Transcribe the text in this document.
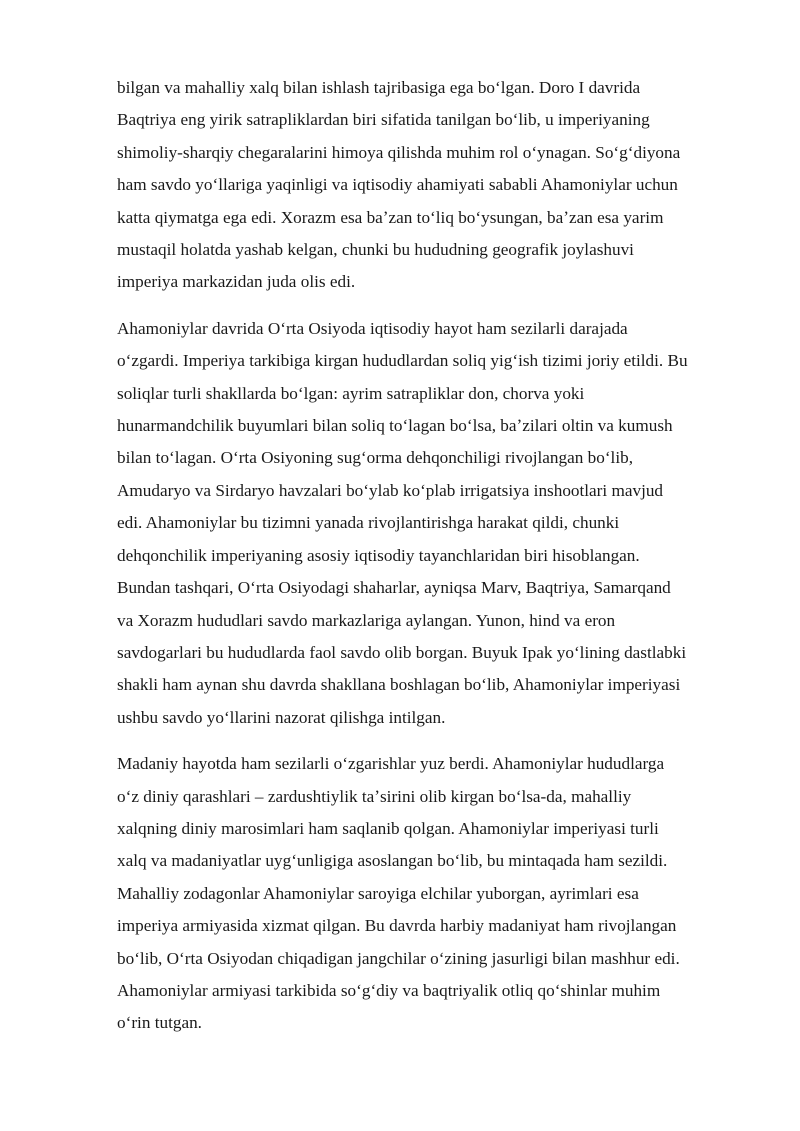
bilgan va mahalliy xalq bilan ishlash tajribasiga ega boʻlgan. Doro I davrida
Baqtriya eng yirik satrapliklardan biri sifatida tanilgan boʻlib, u imperiyaning
shimoliy-sharqiy chegaralarini himoya qilishda muhim rol oʻynagan. Soʻgʻdiyona
ham savdo yoʻllariga yaqinligi va iqtisodiy ahamiyati sababli Ahamoniylar uchun
katta qiymatga ega edi. Xorazm esa baʼzan toʻliq boʻysungan, baʼzan esa yarim
mustaqil holatda yashab kelgan, chunki bu hududning geografik joylashuvi
imperiya markazidan juda olis edi.

Ahamoniylar davrida Oʻrta Osiyoda iqtisodiy hayot ham sezilarli darajada
oʻzgardi. Imperiya tarkibiga kirgan hududlardan soliq yigʻish tizimi joriy etildi. Bu
soliqlar turli shakllarda boʻlgan: ayrim satrapliklar don, chorva yoki
hunarmandchilik buyumlari bilan soliq toʻlagan boʻlsa, baʼzilari oltin va kumush
bilan toʻlagan. Oʻrta Osiyoning sugʻorma dehqonchiligi rivojlangan boʻlib,
Amudaryo va Sirdaryo havzalari boʻylab koʻplab irrigatsiya inshootlari mavjud
edi. Ahamoniylar bu tizimni yanada rivojlantirishga harakat qildi, chunki
dehqonchilik imperiyaning asosiy iqtisodiy tayanchlaridan biri hisoblangan.
Bundan tashqari, Oʻrta Osiyodagi shaharlar, ayniqsa Marv, Baqtriya, Samarqand
va Xorazm hududlari savdo markazlariga aylangan. Yunon, hind va eron
savdogarlari bu hududlarda faol savdo olib borgan. Buyuk Ipak yoʻlining dastlabki
shakli ham aynan shu davrda shakllana boshlagan boʻlib, Ahamoniylar imperiyasi
ushbu savdo yoʻllarini nazorat qilishga intilgan.

Madaniy hayotda ham sezilarli oʻzgarishlar yuz berdi. Ahamoniylar hududlarga
oʻz diniy qarashlari – zardushtiylik taʼsirini olib kirgan boʻlsa-da, mahalliy
xalqning diniy marosimlari ham saqlanib qolgan. Ahamoniylar imperiyasi turli
xalq va madaniyatlar uygʻunligiga asoslangan boʻlib, bu mintaqada ham sezildi.
Mahalliy zodagonlar Ahamoniylar saroyiga elchilar yuborgan, ayrimlari esa
imperiya armiyasida xizmat qilgan. Bu davrda harbiy madaniyat ham rivojlangan
boʻlib, Oʻrta Osiyodan chiqadigan jangchilar oʻzining jasurligi bilan mashhur edi.
Ahamoniylar armiyasi tarkibida soʻgʻdiy va baqtriyalik otliq qoʻshinlar muhim
oʻrin tutgan.
